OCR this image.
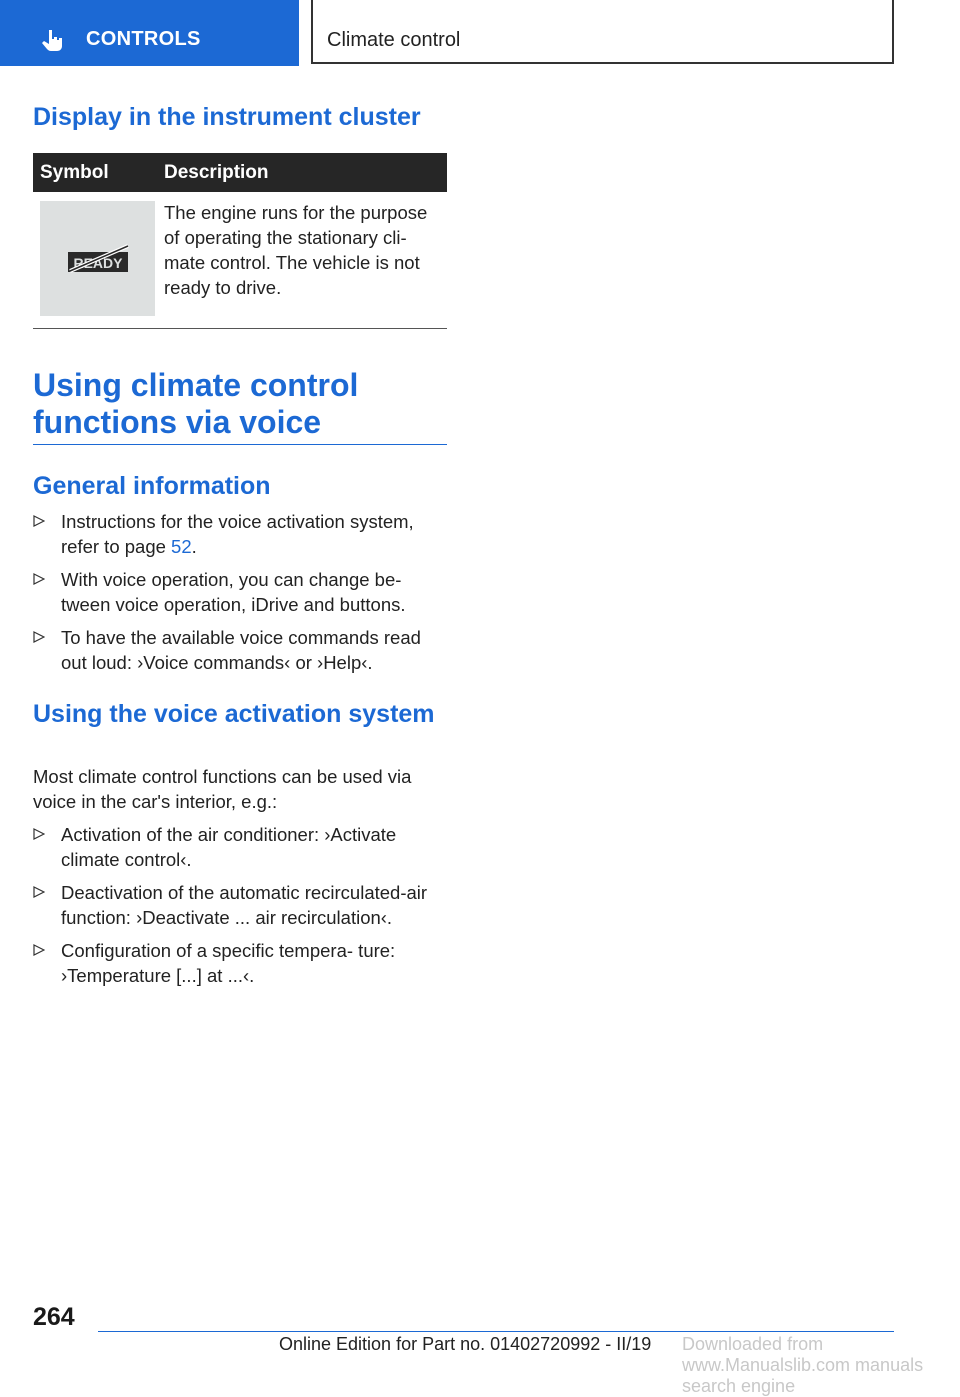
CONTROLS	Climate control
Display in the instrument cluster
Symbol	Description
READY
The engine runs for the purpose of operating the stationary cli- mate control. The vehicle is not ready to drive.
Using climate control functions via voice
General information
Instructions for the voice activation system, refer to page 52.
With voice operation, you can change be- tween voice operation, iDrive and buttons.
To have the available voice commands read out loud: ›Voice commands‹ or ›Help‹.
Using the voice activation system
Most climate control functions can be used via voice in the car's interior, e.g.:
Activation of the air conditioner: ›Activate climate control‹.
Deactivation of the automatic recirculated-air function: ›Deactivate ... air recirculation‹.
Configuration of a specific tempera- ture: ›Temperature [...] at ...‹.
264
Online Edition for Part no. 01402720992 - II/19 Downloaded from www.Manualslib.com manuals search engine
